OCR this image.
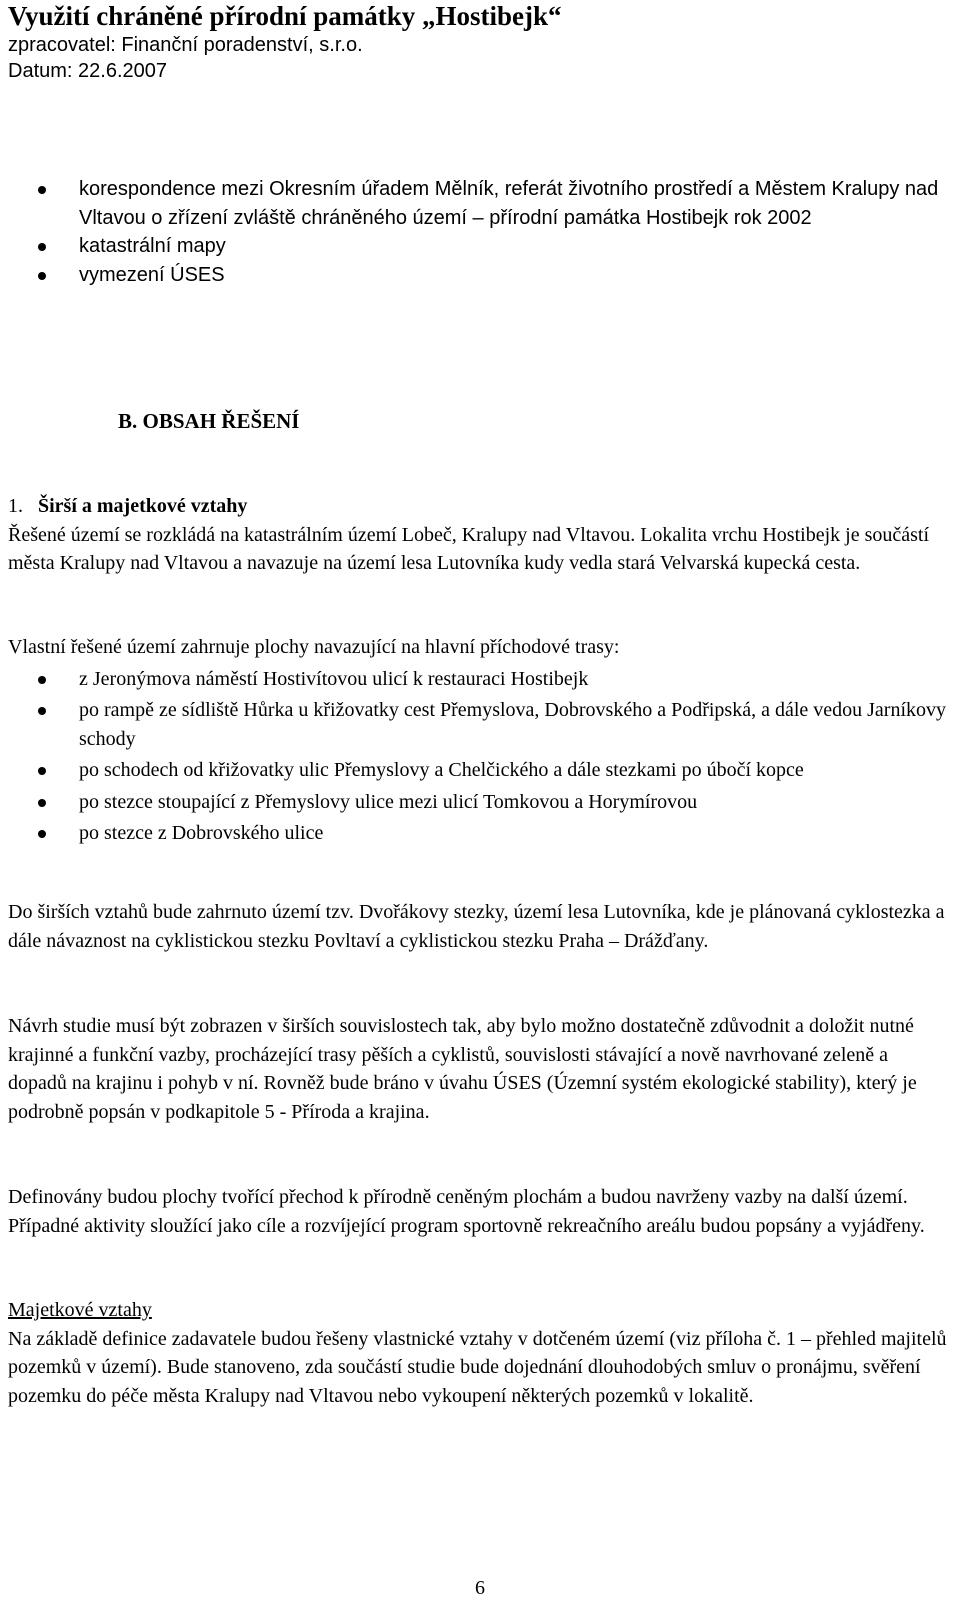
Využití chráněné přírodní památky „Hostibejk“
zpracovatel: Finanční poradenství, s.r.o.
Datum: 22.6.2007
korespondence mezi Okresním úřadem Mělník, referát životního prostředí a Městem Kralupy nad Vltavou o zřízení zvláště chráněného území – přírodní památka Hostibejk rok 2002
katastrální mapy
vymezení ÚSES
B. OBSAH ŘEŠENÍ
1. Širší a majetkové vztahy
Řešené území se rozkládá na katastrálním území Lobeč, Kralupy nad Vltavou. Lokalita vrchu Hostibejk je součástí města Kralupy nad Vltavou a navazuje na území lesa Lutovníka kudy vedla stará Velvarská kupecká cesta.
Vlastní řešené území zahrnuje plochy navazující na hlavní příchodové trasy:
z Jeronýmova náměstí Hostivítovou ulicí k restauraci Hostibejk
po rampě ze sídliště Hůrka u křižovatky cest Přemyslova, Dobrovského a Podřipská, a dále vedou Jarníkovy schody
po schodech od křižovatky ulic Přemyslovy a Chelčického a dále stezkami po úbočí kopce
po stezce stoupající z Přemyslovy ulice mezi ulicí Tomkovou a Horymírovou
po stezce z Dobrovského ulice
Do širších vztahů bude zahrnuto území tzv. Dvořákovy stezky, území lesa Lutovníka, kde je plánovaná cyklostezka a dále návaznost na cyklistickou stezku Povltaví a cyklistickou stezku Praha – Drážďany.
Návrh studie musí být zobrazen v širších souvislostech tak, aby bylo možno dostatečně zdůvodnit a doložit nutné krajinné a funkční vazby, procházející trasy pěších a cyklistů, souvislosti stávající a nově navrhované zeleně a dopadů na krajinu i pohyb v ní. Rovněž bude bráno v úvahu ÚSES (Územní systém ekologické stability), který je podrobně popsán v podkapitole 5 - Příroda a krajina.
Definovány budou plochy tvořící přechod k přírodně ceněným plochám a budou navrženy vazby na další území. Případné aktivity sloužící jako cíle a rozvíjející program sportovně rekreačního areálu budou popsány a vyjádřeny.
Majetkové vztahy
Na základě definice zadavatele budou řešeny vlastnické vztahy v dotčeném území (viz příloha č. 1 – přehled majitelů pozemků v území). Bude stanoveno, zda součástí studie bude dojednání dlouhodobých smluv o pronájmu, svěření pozemku do péče města Kralupy nad Vltavou nebo vykoupení některých pozemků v lokalitě.
6
